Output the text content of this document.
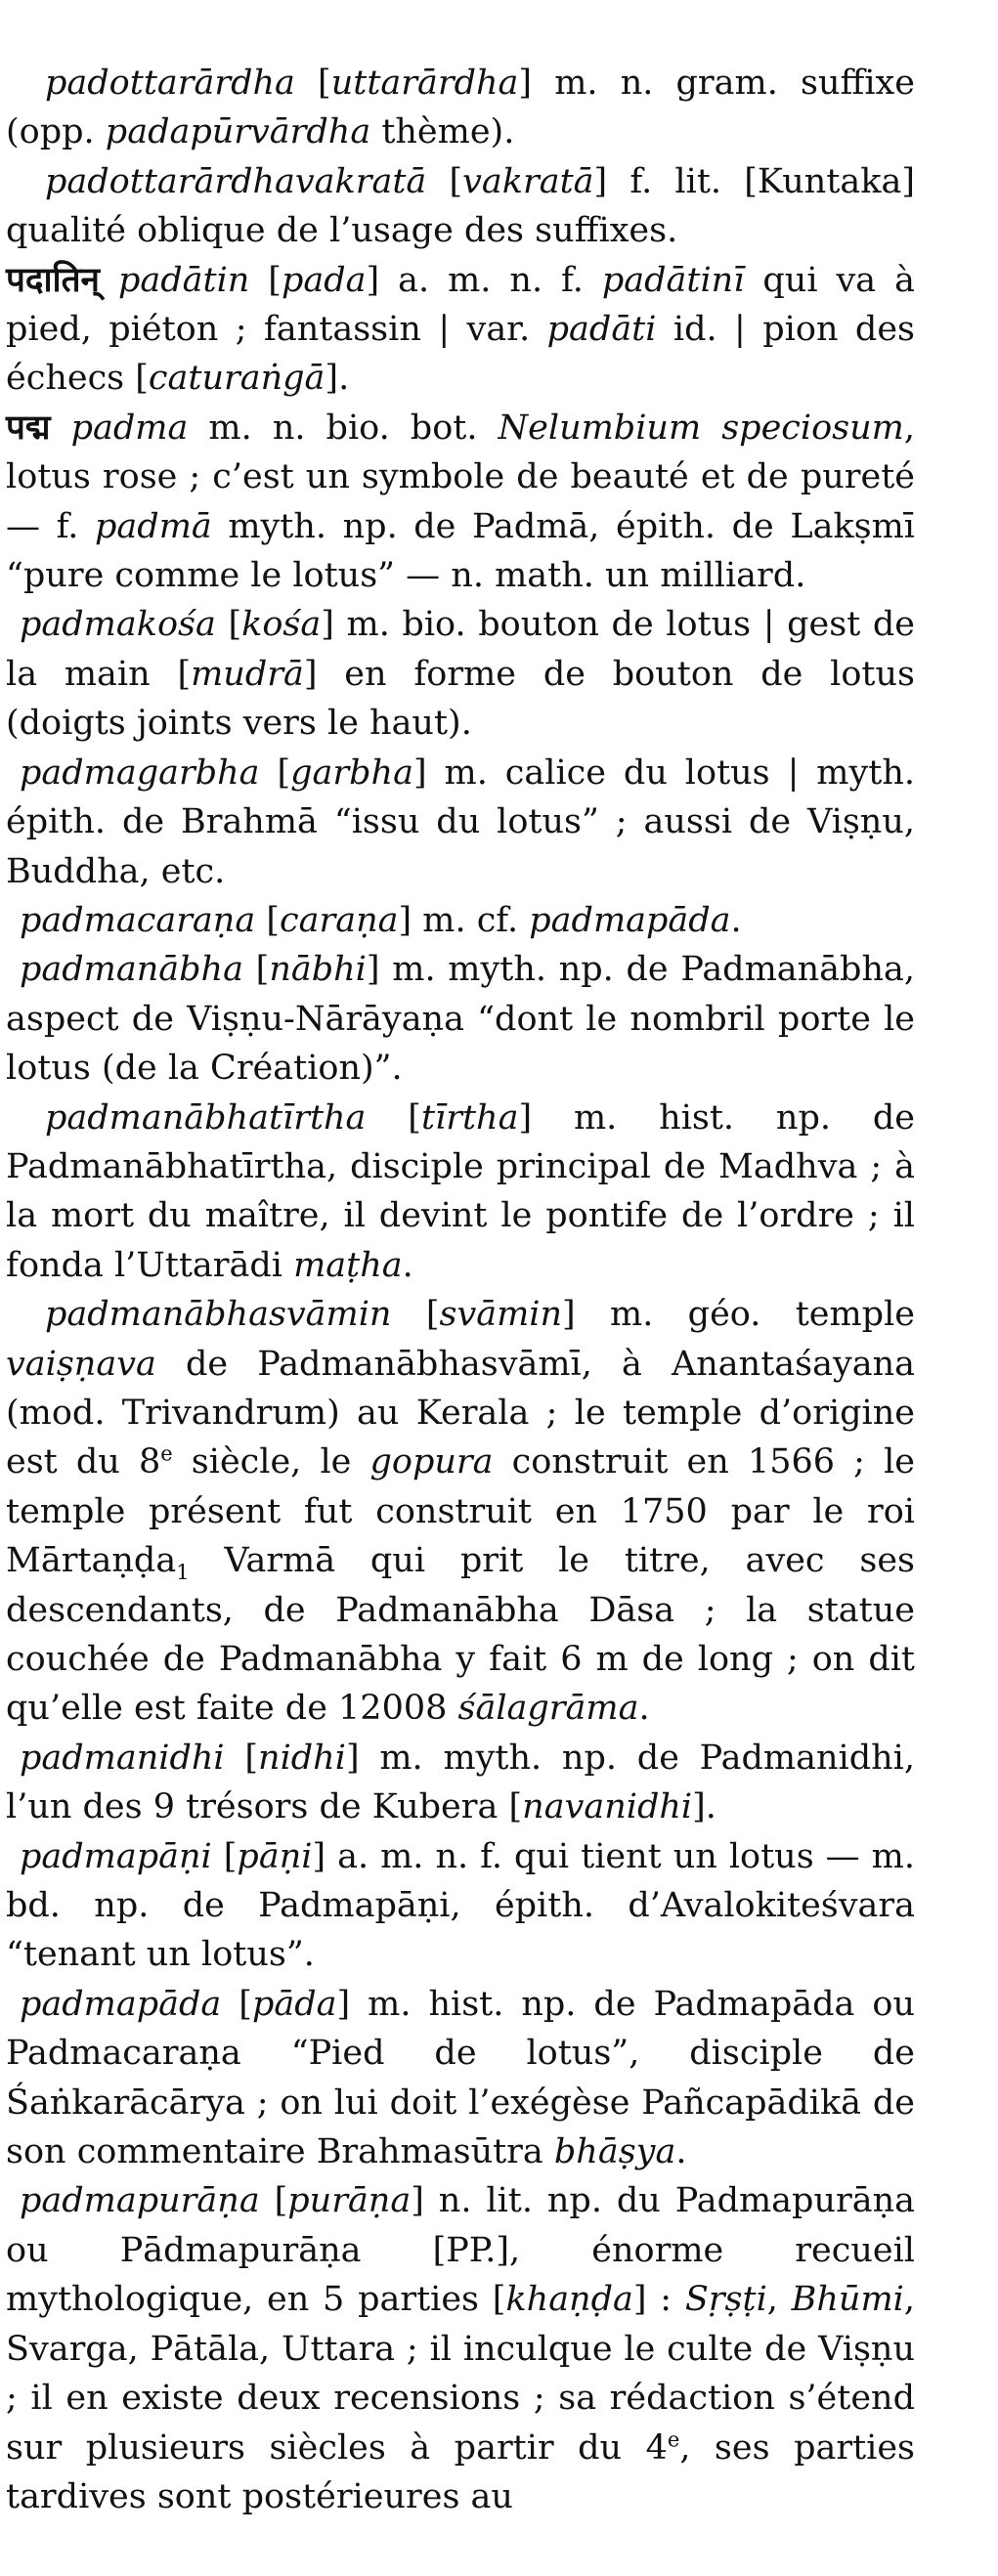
padottarārdha [uttarārdha] m. n. gram. suffixe (opp. padapūrvārdha thème).

padottarārdhavakratā [vakratā] f. lit. [Kuntaka] qualité oblique de l’usage des suffixes.

पदातिन् padātin [pada] a. m. n. f. padātinī qui va à pied, piéton ; fantassin | var. padāti id. | pion des échecs [caturaṅgā].

पद्म padma m. n. bio. bot. Nelumbium speciosum, lotus rose ; c’est un symbole de beauté et de pureté — f. padmā myth. np. de Padmā, épith. de Lakṣmī “pure comme le lotus” — n. math. un milliard.

padmakośa [kośa] m. bio. bouton de lotus | gest de la main [mudrā] en forme de bouton de lotus (doigts joints vers le haut).

padmagarbha [garbha] m. calice du lotus | myth. épith. de Brahmā “issu du lotus” ; aussi de Viṣṇu, Buddha, etc.

padmacaraṇa [caraṇa] m. cf. padmapāda.

padmanābha [nābhi] m. myth. np. de Padmanābha, aspect de Viṣṇu-Nārāyaṇa “dont le nombril porte le lotus (de la Création)”.

padmanābhatīrtha [tīrtha] m. hist. np. de Padmanābhatīrtha, disciple principal de Madhva ; à la mort du maître, il devint le pontife de l’ordre ; il fonda l’Uttarādi maṭha.

padmanābhasvāmin [svāmin] m. géo. temple vaiṣṇava de Padmanābhasvāmī, à Anantaśayana (mod. Trivandrum) au Kerala ; le temple d’origine est du 8e siècle, le gopura construit en 1566 ; le temple présent fut construit en 1750 par le roi Mārtaṇḍa$_1$ Varmā qui prit le titre, avec ses descendants, de Padmanābha Dāsa ; la statue couchée de Padmanābha y fait 6 m de long ; on dit qu’elle est faite de 12008 śālagrāma.

padmanidhi [nidhi] m. myth. np. de Padmanidhi, l’un des 9 trésors de Kubera [navanidhi].

padmapāṇi [pāṇi] a. m. n. f. qui tient un lotus — m. bd. np. de Padmapāṇi, épith. d’Avalokiteśvara “tenant un lotus”.

padmapāda [pāda] m. hist. np. de Padmapāda ou Padmacaraṇa “Pied de lotus”, disciple de Śaṅkarācārya ; on lui doit l’exégèse Pañcapādikā de son commentaire Brahmasūtra bhāṣya.

padmapurāṇa [purāṇa] n. lit. np. du Padmapurāṇa ou Pādmapurāṇa [PP.], énorme recueil mythologique, en 5 parties [khaṇḍa] : Sṛṣṭi, Bhūmi, Svarga, Pātāla, Uttara ; il inculque le culte de Viṣṇu ; il en existe deux recensions ; sa rédaction s’étend sur plusieurs siècles à partir du 4e, ses parties tardives sont postérieures au
